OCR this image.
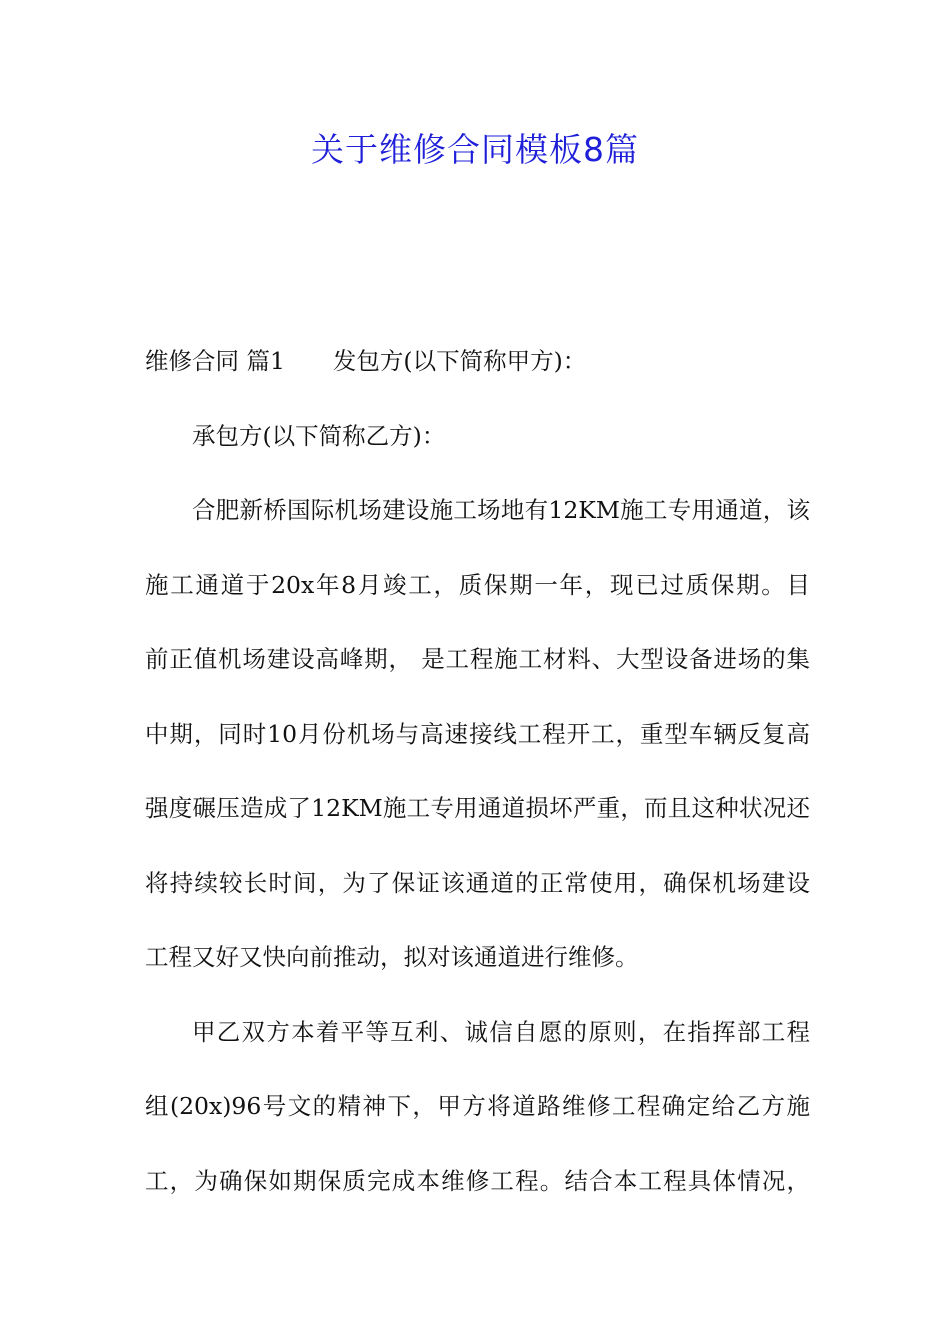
关于维修合同模板8篇
维修合同 篇1 发包方(以下简称甲方)：
承包方(以下简称乙方)：
合肥新桥国际机场建设施工场地有12KM施工专用通道，该
施工通道于20x年8月竣工，质保期一年，现已过质保期。目
前正值机场建设高峰期， 是工程施工材料、大型设备进场的集
中期，同时10月份机场与高速接线工程开工，重型车辆反复高
强度碾压造成了12KM施工专用通道损坏严重，而且这种状况还
将持续较长时间，为了保证该通道的正常使用，确保机场建设
工程又好又快向前推动，拟对该通道进行维修。
甲乙双方本着平等互利、诚信自愿的原则，在指挥部工程
组(20x)96号文的精神下，甲方将道路维修工程确定给乙方施
工，为确保如期保质完成本维修工程。结合本工程具体情况，
